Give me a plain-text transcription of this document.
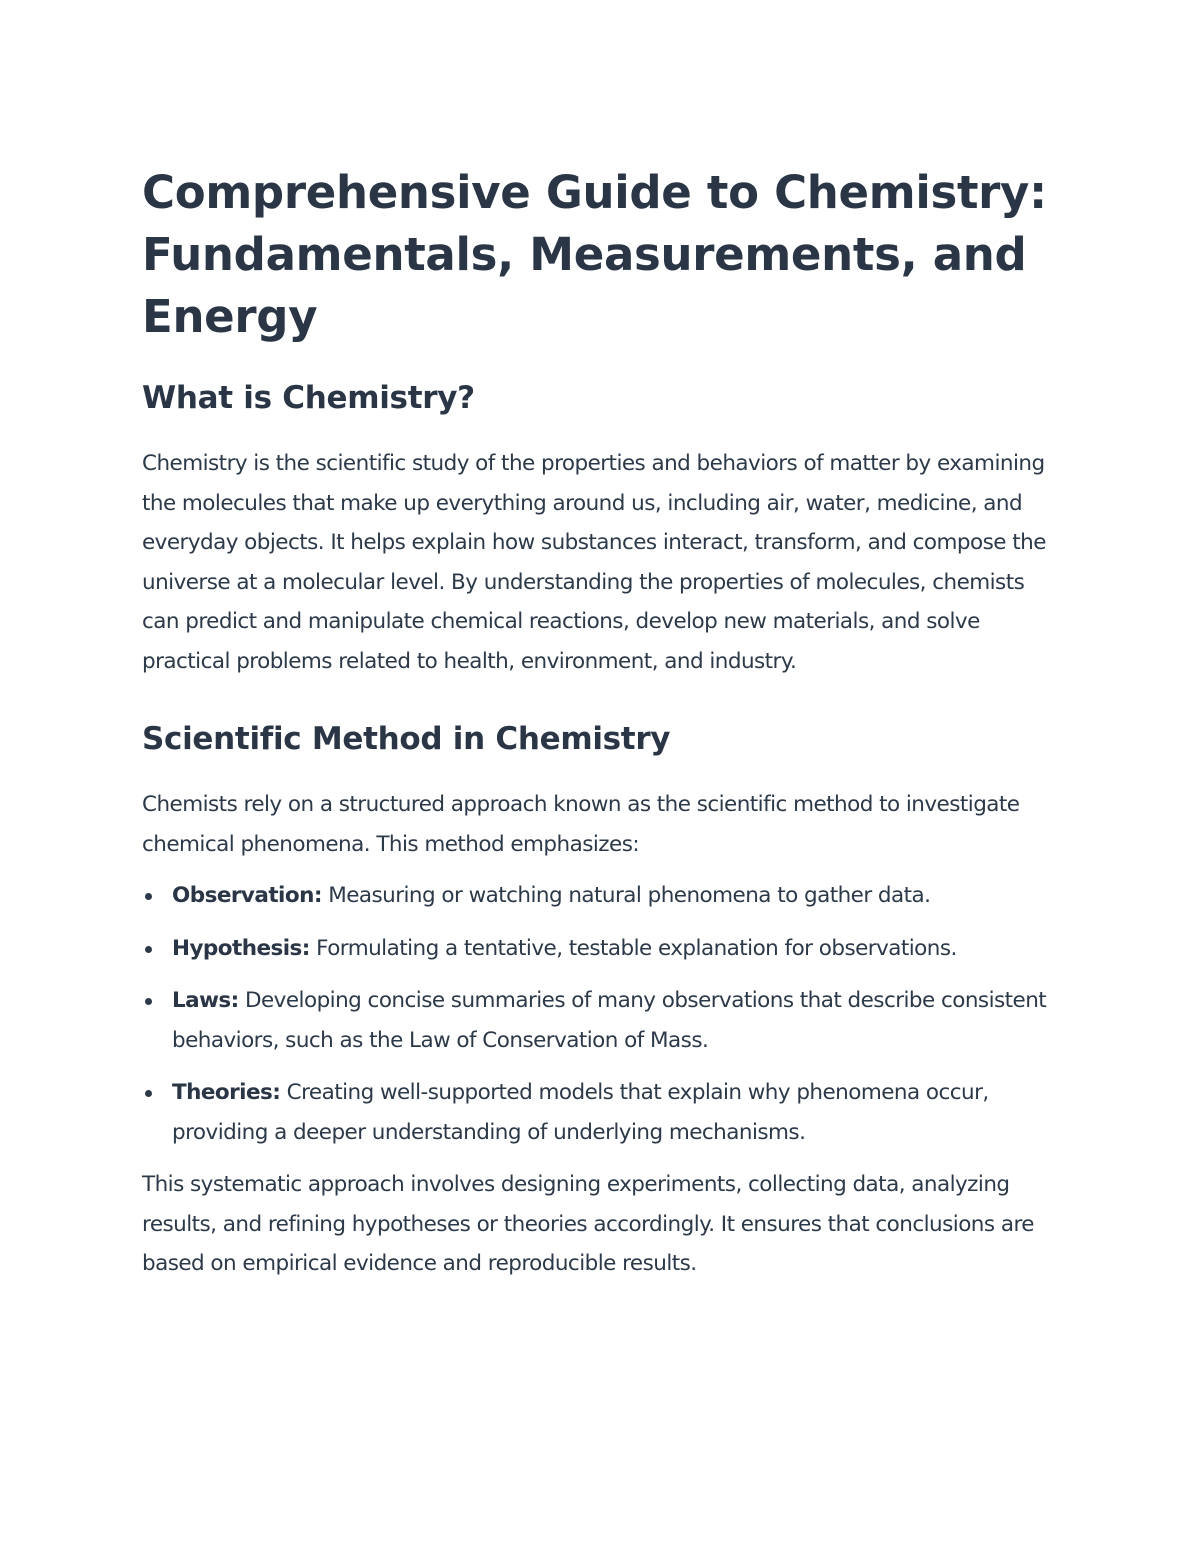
Comprehensive Guide to Chemistry: Fundamentals, Measurements, and Energy
What is Chemistry?

Chemistry is the scientific study of the properties and behaviors of matter by examining the molecules that make up everything around us, including air, water, medicine, and everyday objects. It helps explain how substances interact, transform, and compose the universe at a molecular level. By understanding the properties of molecules, chemists can predict and manipulate chemical reactions, develop new materials, and solve practical problems related to health, environment, and industry.

Scientific Method in Chemistry

Chemists rely on a structured approach known as the scientific method to investigate chemical phenomena. This method emphasizes:

Observation: Measuring or watching natural phenomena to gather data.
Hypothesis: Formulating a tentative, testable explanation for observations.
Laws: Developing concise summaries of many observations that describe consistent behaviors, such as the Law of Conservation of Mass.
Theories: Creating well-supported models that explain why phenomena occur, providing a deeper understanding of underlying mechanisms.

This systematic approach involves designing experiments, collecting data, analyzing results, and refining hypotheses or theories accordingly. It ensures that conclusions are based on empirical evidence and reproducible results.
